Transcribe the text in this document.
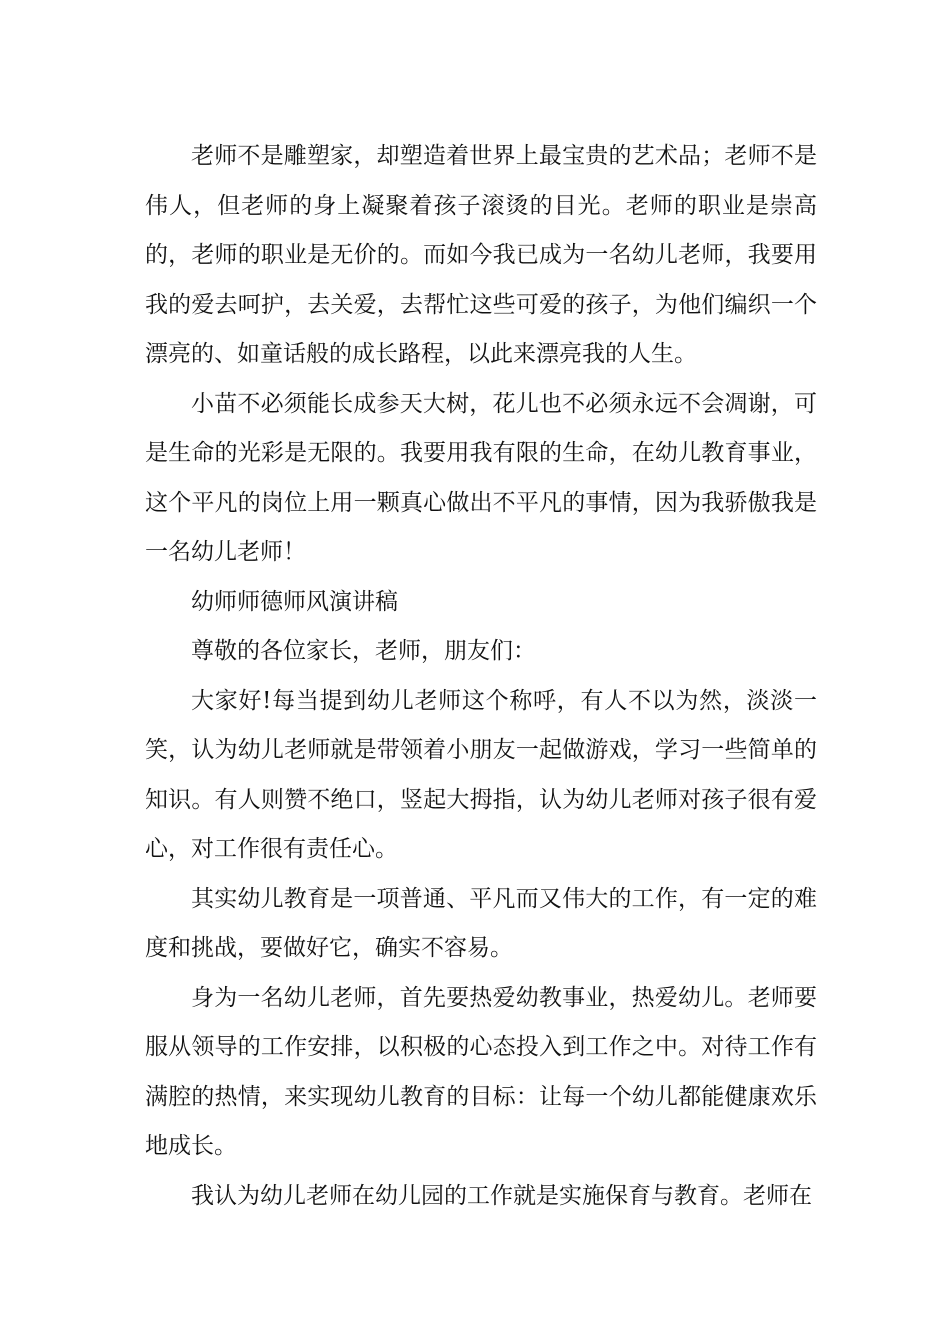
老师不是雕塑家，却塑造着世界上最宝贵的艺术品；老师不是伟人，但老师的身上凝聚着孩子滚烫的目光。老师的职业是崇高的，老师的职业是无价的。而如今我已成为一名幼儿老师，我要用我的爱去呵护，去关爱，去帮忙这些可爱的孩子，为他们编织一个漂亮的、如童话般的成长路程，以此来漂亮我的人生。

小苗不必须能长成参天大树，花儿也不必须永远不会凋谢，可是生命的光彩是无限的。我要用我有限的生命，在幼儿教育事业，这个平凡的岗位上用一颗真心做出不平凡的事情，因为我骄傲我是一名幼儿老师！

幼师师德师风演讲稿

尊敬的各位家长，老师，朋友们：

大家好!每当提到幼儿老师这个称呼，有人不以为然，淡淡一笑，认为幼儿老师就是带领着小朋友一起做游戏，学习一些简单的知识。有人则赞不绝口，竖起大拇指，认为幼儿老师对孩子很有爱心，对工作很有责任心。

其实幼儿教育是一项普通、平凡而又伟大的工作，有一定的难度和挑战，要做好它，确实不容易。

身为一名幼儿老师，首先要热爱幼教事业，热爱幼儿。老师要服从领导的工作安排，以积极的心态投入到工作之中。对待工作有满腔的热情，来实现幼儿教育的目标：让每一个幼儿都能健康欢乐地成长。

我认为幼儿老师在幼儿园的工作就是实施保育与教育。老师在
